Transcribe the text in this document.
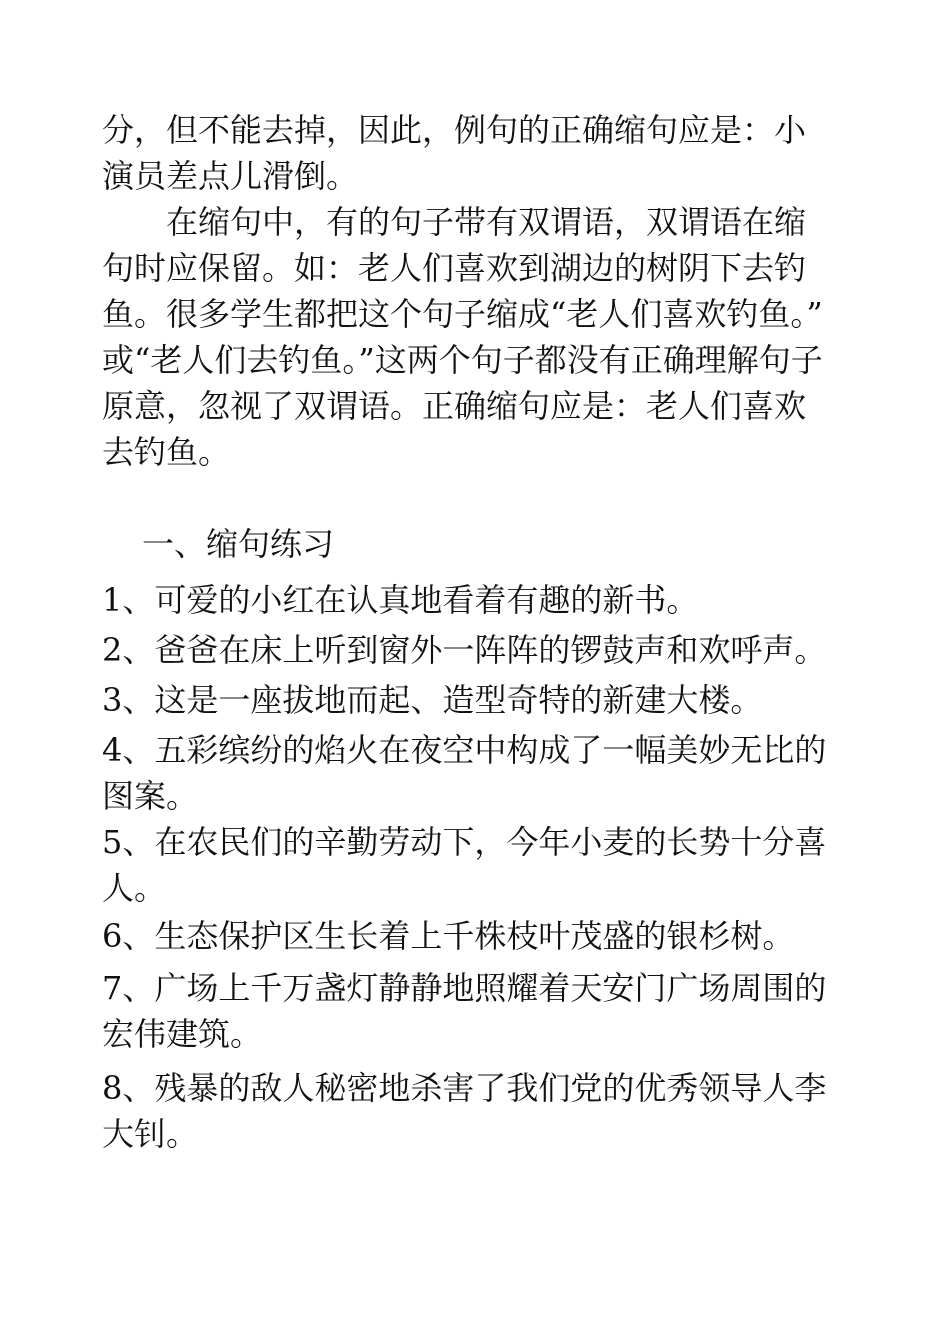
分，但不能去掉，因此，例句的正确缩句应是：小
演员差点儿滑倒。
　　在缩句中，有的句子带有双谓语，双谓语在缩
句时应保留。如：老人们喜欢到湖边的树阴下去钓
鱼。很多学生都把这个句子缩成“老人们喜欢钓鱼。”
或“老人们去钓鱼。”这两个句子都没有正确理解句子
原意，忽视了双谓语。正确缩句应是：老人们喜欢
去钓鱼。
一、缩句练习
1、可爱的小红在认真地看着有趣的新书。
2、爸爸在床上听到窗外一阵阵的锣鼓声和欢呼声。
3、这是一座拔地而起、造型奇特的新建大楼。
4、五彩缤纷的焰火在夜空中构成了一幅美妙无比的
图案。
5、在农民们的辛勤劳动下，今年小麦的长势十分喜
人。
6、生态保护区生长着上千株枝叶茂盛的银杉树。
7、广场上千万盏灯静静地照耀着天安门广场周围的
宏伟建筑。
8、残暴的敌人秘密地杀害了我们党的优秀领导人李
大钊。
